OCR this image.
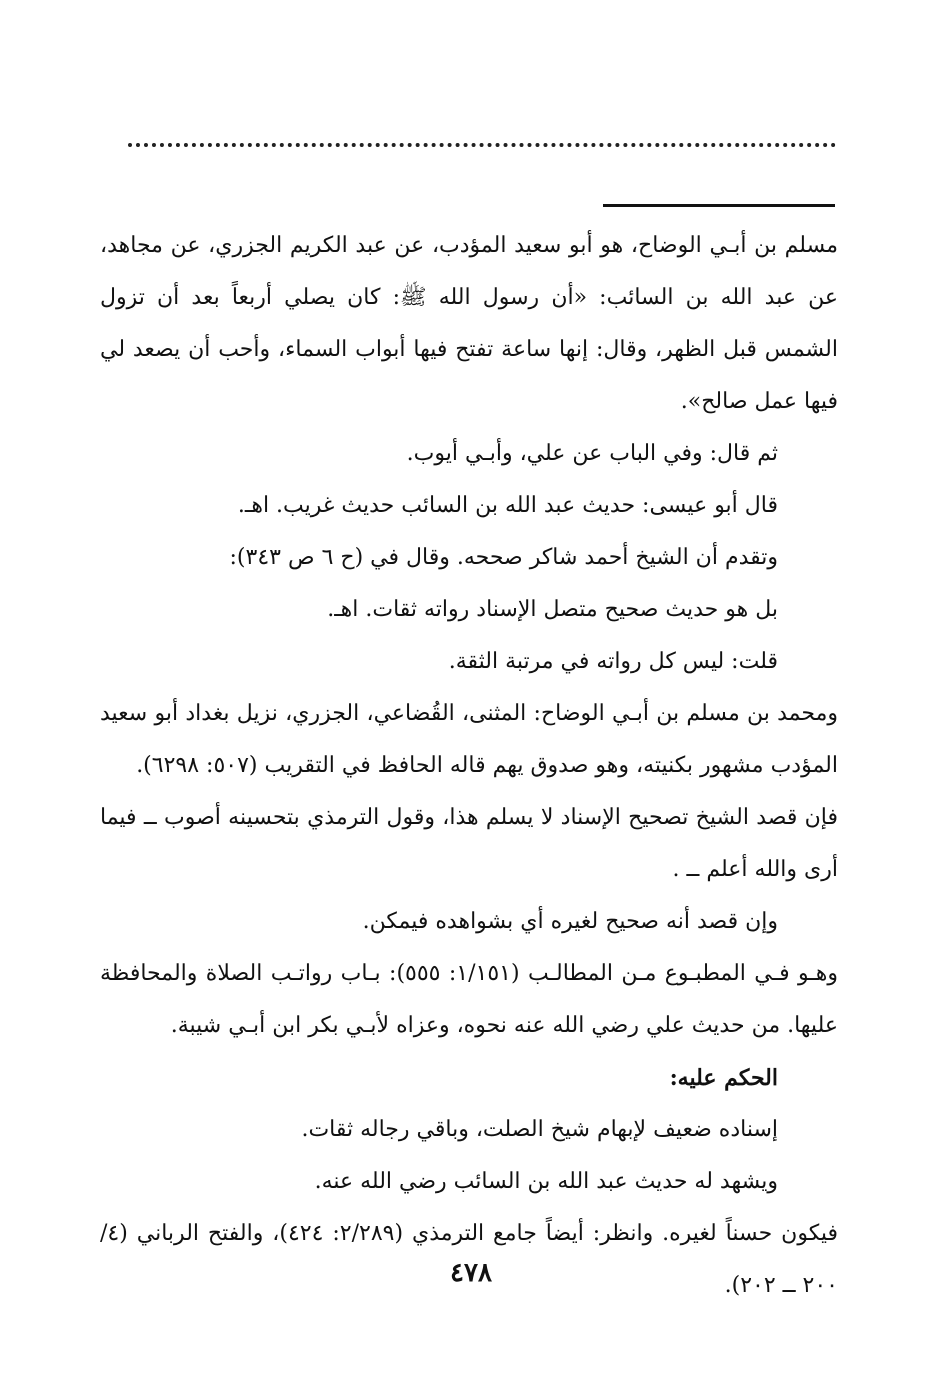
مسلم بن أبـي الوضاح، هو أبو سعيد المؤدب، عن عبد الكريم الجزري، عن مجاهد، عن عبد الله بن السائب: «أن رسول الله ﷺ: كان يصلي أربعاً بعد أن تزول الشمس قبل الظهر، وقال: إنها ساعة تفتح فيها أبواب السماء، وأحب أن يصعد لي فيها عمل صالح».

ثم قال: وفي الباب عن علي، وأبـي أيوب.

قال أبو عيسى: حديث عبد الله بن السائب حديث غريب. اهـ.

وتقدم أن الشيخ أحمد شاكر صححه. وقال في (ح ٦ ص ٣٤٣):

بل هو حديث صحيح متصل الإسناد رواته ثقات. اهـ.

قلت: ليس كل رواته في مرتبة الثقة.

ومحمد بن مسلم بن أبـي الوضاح: المثنى، القُضاعي، الجزري، نزيل بغداد أبو سعيد المؤدب مشهور بكنيته، وهو صدوق يهم قاله الحافظ في التقريب (٥٠٧: ٦٢٩٨).

فإن قصد الشيخ تصحيح الإسناد لا يسلم هذا، وقول الترمذي بتحسينه أصوب ــ فيما أرى والله أعلم ــ .

وإن قصد أنه صحيح لغيره أي بشواهده فيمكن.

وهـو فـي المطبـوع مـن المطالـب (١/١٥١: ٥٥٥): بـاب رواتـب الصلاة والمحافظة عليها. من حديث علي رضي الله عنه نحوه، وعزاه لأبـي بكر ابن أبـي شيبة.

الحكم عليه:

إسناده ضعيف لإبهام شيخ الصلت، وباقي رجاله ثقات.

ويشهد له حديث عبد الله بن السائب رضي الله عنه.

فيكون حسناً لغيره. وانظر: أيضاً جامع الترمذي (٢/٢٨٩: ٤٢٤)، والفتح الرباني (٤/ ٢٠٠ ــ ٢٠٢).

٤٧٨
